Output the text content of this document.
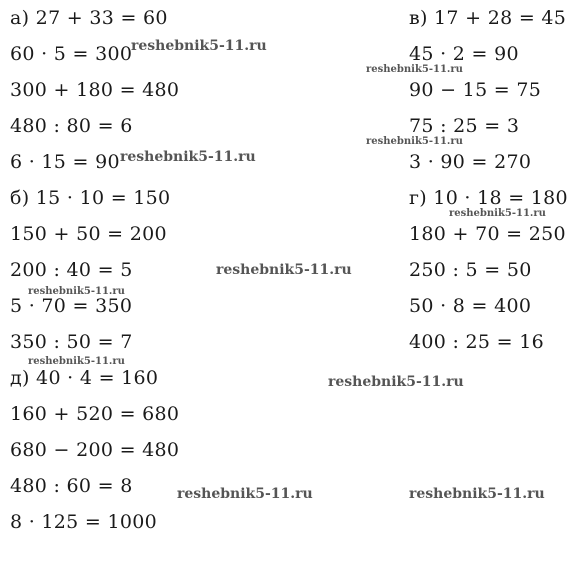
а) 27 + 33 = 60
60 · 5 = 300
300 + 180 = 480
480 : 80 = 6
6 · 15 = 90
б) 15 · 10 = 150
150 + 50 = 200
200 : 40 = 5
5 · 70 = 350
350 : 50 = 7
д) 40 · 4 = 160
160 + 520 = 680
680 − 200 = 480
480 : 60 = 8
8 · 125 = 1000
в) 17 + 28 = 45
45 · 2 = 90
90 − 15 = 75
75 : 25 = 3
3 · 90 = 270
г) 10 · 18 = 180
180 + 70 = 250
250 : 5 = 50
50 · 8 = 400
400 : 25 = 16
reshebnik5-11.ru
reshebnik5-11.ru
reshebnik5-11.ru
reshebnik5-11.ru
reshebnik5-11.ru
reshebnik5-11.ru
reshebnik5-11.ru
reshebnik5-11.ru
reshebnik5-11.ru
reshebnik5-11.ru	reshebnik5-11.ru
